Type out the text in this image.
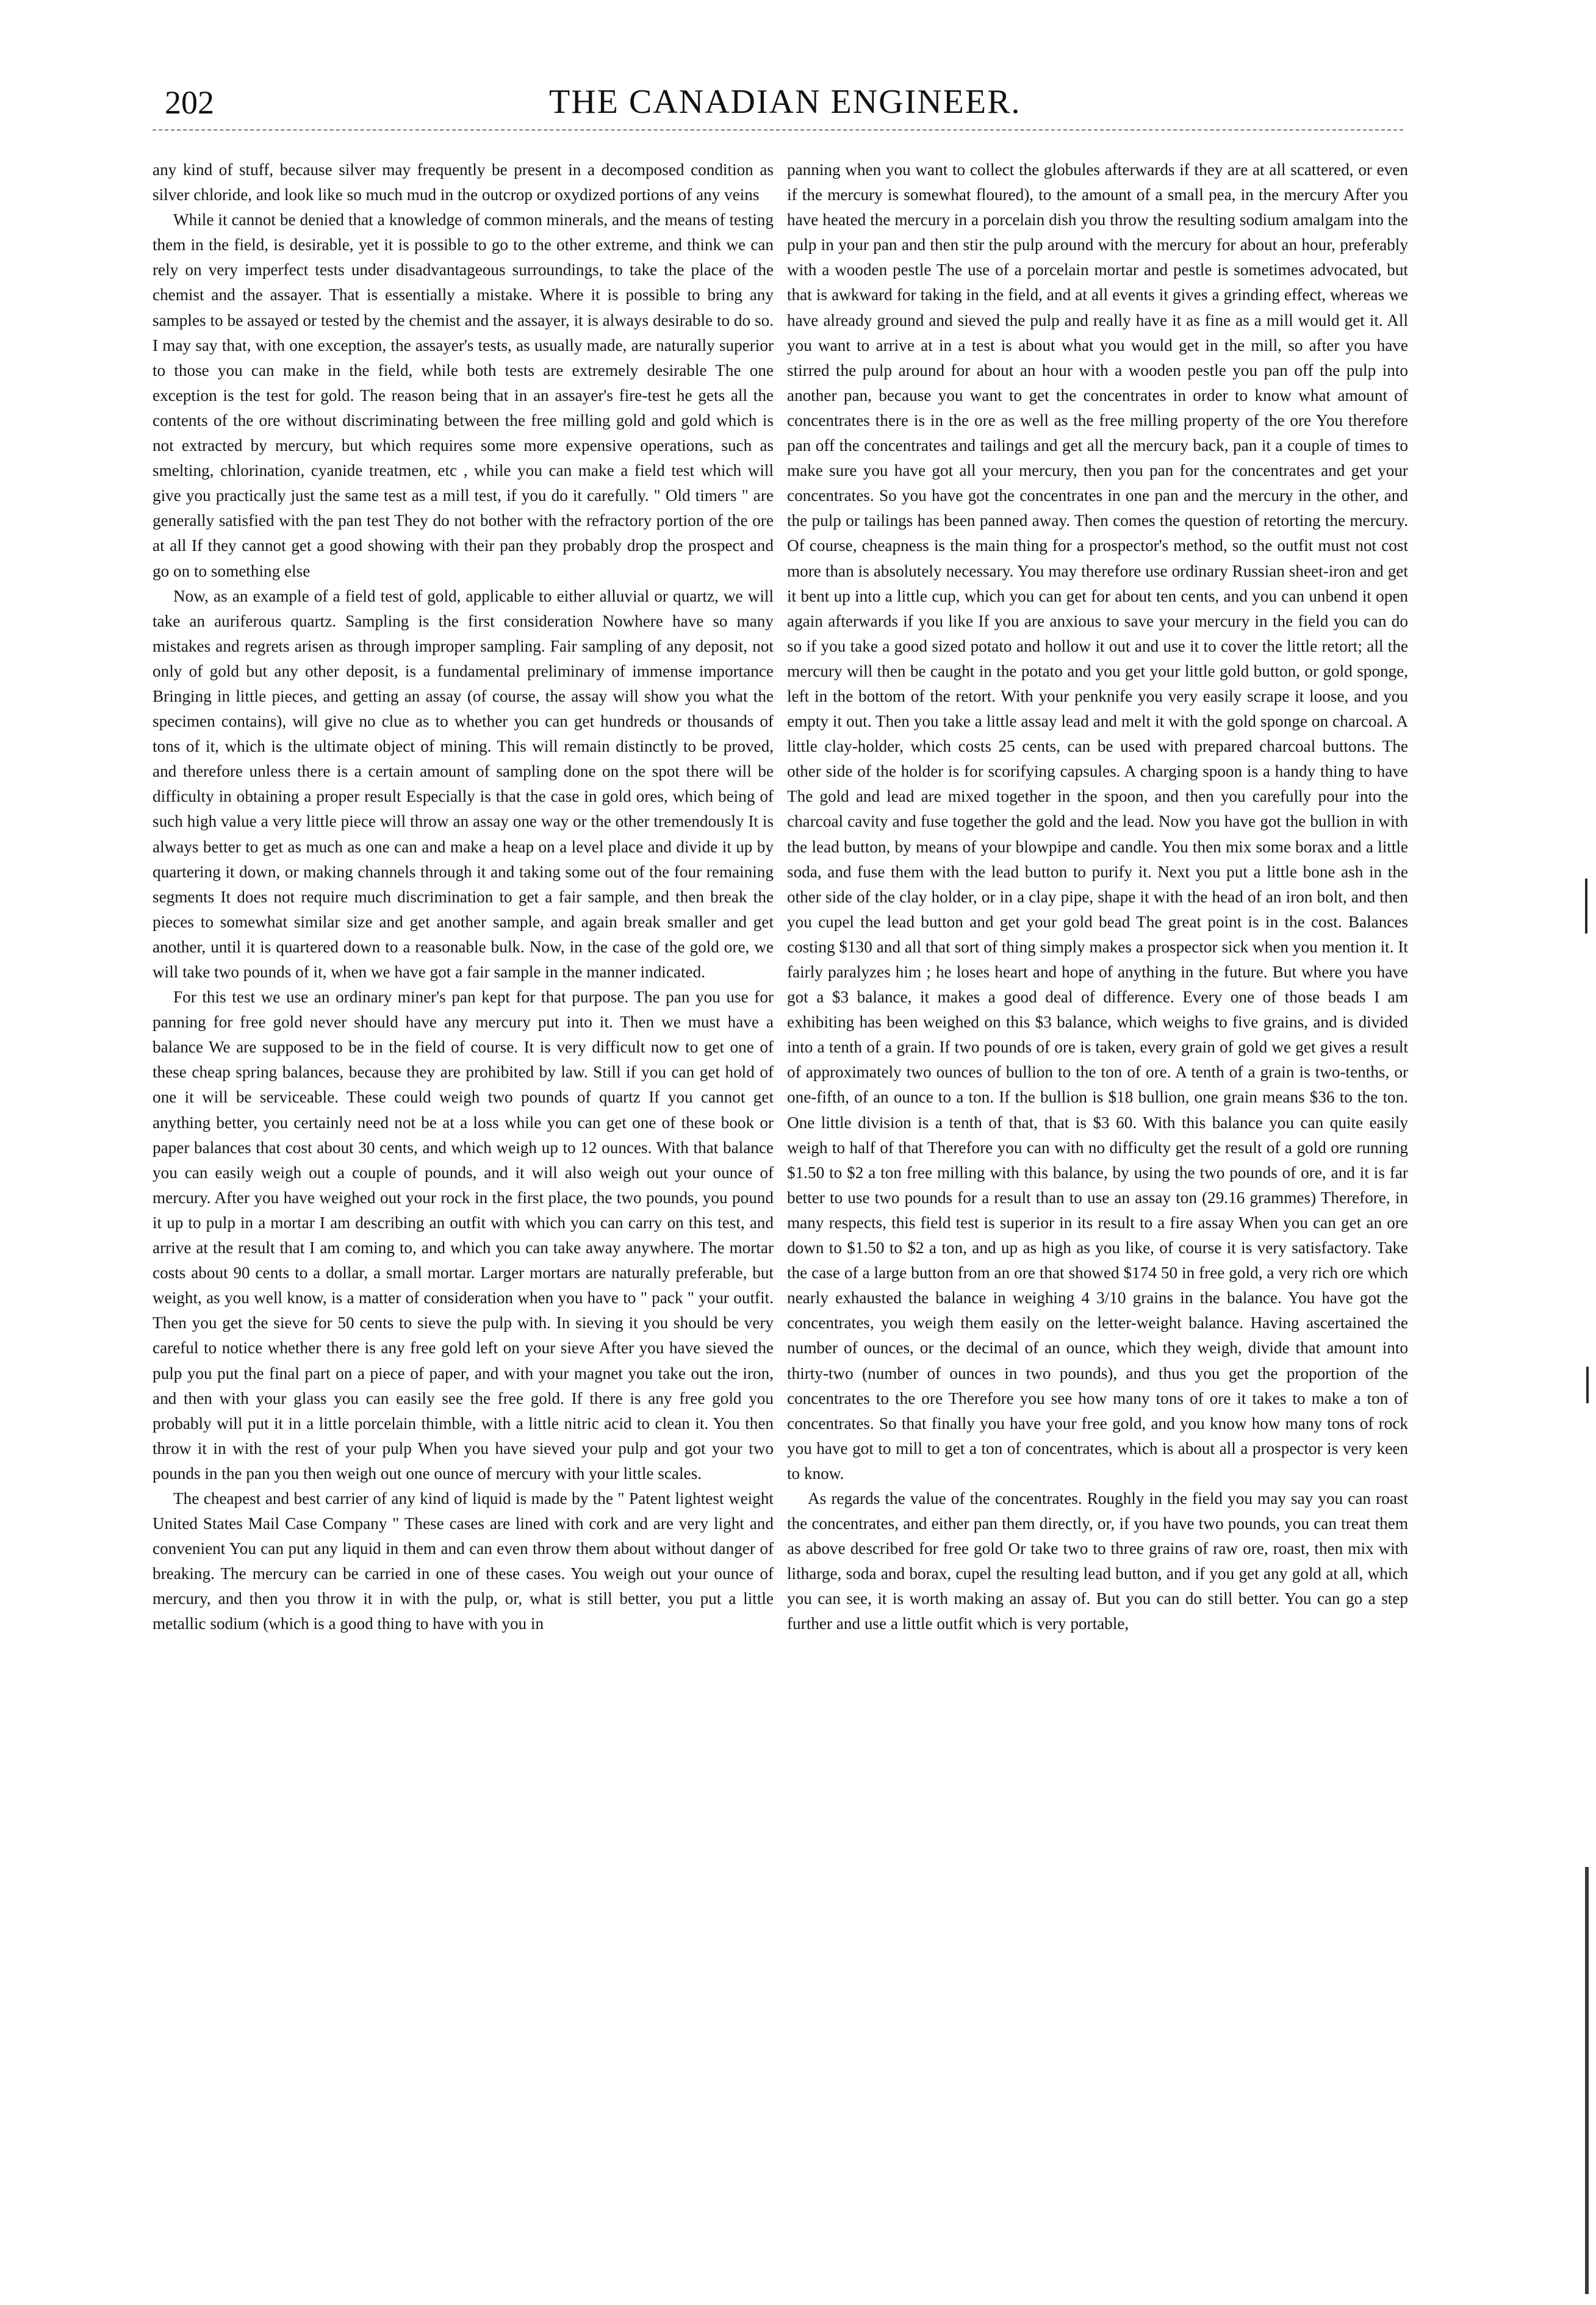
202	THE CANADIAN ENGINEER.

any kind of stuff, because silver may frequently be present in a decomposed condition as silver chloride, and look like so much mud in the outcrop or oxydized portions of any veins

While it cannot be denied that a knowledge of common minerals, and the means of testing them in the field, is desirable, yet it is possible to go to the other extreme, and think we can rely on very imperfect tests under disadvantageous surroundings, to take the place of the chemist and the assayer. That is essentially a mistake. Where it is possible to bring any samples to be assayed or tested by the chemist and the assayer, it is always desirable to do so. I may say that, with one exception, the assayer's tests, as usually made, are naturally superior to those you can make in the field, while both tests are extremely desirable The one exception is the test for gold. The reason being that in an assayer's fire-test he gets all the contents of the ore without discriminating between the free milling gold and gold which is not extracted by mercury, but which requires some more expensive operations, such as smelting, chlorination, cyanide treatmen, etc , while you can make a field test which will give you practically just the same test as a mill test, if you do it carefully. " Old timers " are generally satisfied with the pan test They do not bother with the refractory portion of the ore at all If they cannot get a good showing with their pan they probably drop the prospect and go on to something else

Now, as an example of a field test of gold, applicable to either alluvial or quartz, we will take an auriferous quartz. Sampling is the first consideration Nowhere have so many mistakes and regrets arisen as through improper sampling. Fair sampling of any deposit, not only of gold but any other deposit, is a fundamental preliminary of immense importance Bringing in little pieces, and getting an assay (of course, the assay will show you what the specimen contains), will give no clue as to whether you can get hundreds or thousands of tons of it, which is the ultimate object of mining. This will remain distinctly to be proved, and therefore unless there is a certain amount of sampling done on the spot there will be difficulty in obtaining a proper result Especially is that the case in gold ores, which being of such high value a very little piece will throw an assay one way or the other tremendously It is always better to get as much as one can and make a heap on a level place and divide it up by quartering it down, or making channels through it and taking some out of the four remaining segments It does not require much discrimination to get a fair sample, and then break the pieces to somewhat similar size and get another sample, and again break smaller and get another, until it is quartered down to a reasonable bulk. Now, in the case of the gold ore, we will take two pounds of it, when we have got a fair sample in the manner indicated.

For this test we use an ordinary miner's pan kept for that purpose. The pan you use for panning for free gold never should have any mercury put into it. Then we must have a balance We are supposed to be in the field of course. It is very difficult now to get one of these cheap spring balances, because they are prohibited by law. Still if you can get hold of one it will be serviceable. These could weigh two pounds of quartz If you cannot get anything better, you certainly need not be at a loss while you can get one of these book or paper balances that cost about 30 cents, and which weigh up to 12 ounces. With that balance you can easily weigh out a couple of pounds, and it will also weigh out your ounce of mercury. After you have weighed out your rock in the first place, the two pounds, you pound it up to pulp in a mortar I am describing an outfit with which you can carry on this test, and arrive at the result that I am coming to, and which you can take away anywhere. The mortar costs about 90 cents to a dollar, a small mortar. Larger mortars are naturally preferable, but weight, as you well know, is a matter of consideration when you have to " pack " your outfit. Then you get the sieve for 50 cents to sieve the pulp with. In sieving it you should be very careful to notice whether there is any free gold left on your sieve After you have sieved the pulp you put the final part on a piece of paper, and with your magnet you take out the iron, and then with your glass you can easily see the free gold. If there is any free gold you probably will put it in a little porcelain thimble, with a little nitric acid to clean it. You then throw it in with the rest of your pulp When you have sieved your pulp and got your two pounds in the pan you then weigh out one ounce of mercury with your little scales.

The cheapest and best carrier of any kind of liquid is made by the " Patent lightest weight United States Mail Case Company " These cases are lined with cork and are very light and convenient You can put any liquid in them and can even throw them about without danger of breaking. The mercury can be carried in one of these cases. You weigh out your ounce of mercury, and then you throw it in with the pulp, or, what is still better, you put a little metallic sodium (which is a good thing to have with you in

panning when you want to collect the globules afterwards if they are at all scattered, or even if the mercury is somewhat floured), to the amount of a small pea, in the mercury After you have heated the mercury in a porcelain dish you throw the resulting sodium amalgam into the pulp in your pan and then stir the pulp around with the mercury for about an hour, preferably with a wooden pestle The use of a porcelain mortar and pestle is sometimes advocated, but that is awkward for taking in the field, and at all events it gives a grinding effect, whereas we have already ground and sieved the pulp and really have it as fine as a mill would get it. All you want to arrive at in a test is about what you would get in the mill, so after you have stirred the pulp around for about an hour with a wooden pestle you pan off the pulp into another pan, because you want to get the concentrates in order to know what amount of concentrates there is in the ore as well as the free milling property of the ore You therefore pan off the concentrates and tailings and get all the mercury back, pan it a couple of times to make sure you have got all your mercury, then you pan for the concentrates and get your concentrates. So you have got the concentrates in one pan and the mercury in the other, and the pulp or tailings has been panned away. Then comes the question of retorting the mercury. Of course, cheapness is the main thing for a prospector's method, so the outfit must not cost more than is absolutely necessary. You may therefore use ordinary Russian sheet-iron and get it bent up into a little cup, which you can get for about ten cents, and you can unbend it open again afterwards if you like If you are anxious to save your mercury in the field you can do so if you take a good sized potato and hollow it out and use it to cover the little retort; all the mercury will then be caught in the potato and you get your little gold button, or gold sponge, left in the bottom of the retort. With your penknife you very easily scrape it loose, and you empty it out. Then you take a little assay lead and melt it with the gold sponge on charcoal. A little clay-holder, which costs 25 cents, can be used with prepared charcoal buttons. The other side of the holder is for scorifying capsules. A charging spoon is a handy thing to have The gold and lead are mixed together in the spoon, and then you carefully pour into the charcoal cavity and fuse together the gold and the lead. Now you have got the bullion in with the lead button, by means of your blowpipe and candle. You then mix some borax and a little soda, and fuse them with the lead button to purify it. Next you put a little bone ash in the other side of the clay holder, or in a clay pipe, shape it with the head of an iron bolt, and then you cupel the lead button and get your gold bead The great point is in the cost. Balances costing $130 and all that sort of thing simply makes a prospector sick when you mention it. It fairly paralyzes him ; he loses heart and hope of anything in the future. But where you have got a $3 balance, it makes a good deal of difference. Every one of those beads I am exhibiting has been weighed on this $3 balance, which weighs to five grains, and is divided into a tenth of a grain. If two pounds of ore is taken, every grain of gold we get gives a result of approximately two ounces of bullion to the ton of ore. A tenth of a grain is two-tenths, or one-fifth, of an ounce to a ton. If the bullion is $18 bullion, one grain means $36 to the ton. One little division is a tenth of that, that is $3 60. With this balance you can quite easily weigh to half of that Therefore you can with no difficulty get the result of a gold ore running $1.50 to $2 a ton free milling with this balance, by using the two pounds of ore, and it is far better to use two pounds for a result than to use an assay ton (29.16 grammes) Therefore, in many respects, this field test is superior in its result to a fire assay When you can get an ore down to $1.50 to $2 a ton, and up as high as you like, of course it is very satisfactory. Take the case of a large button from an ore that showed $174 50 in free gold, a very rich ore which nearly exhausted the balance in weighing 4 3/10 grains in the balance. You have got the concentrates, you weigh them easily on the letter-weight balance. Having ascertained the number of ounces, or the decimal of an ounce, which they weigh, divide that amount into thirty-two (number of ounces in two pounds), and thus you get the proportion of the concentrates to the ore Therefore you see how many tons of ore it takes to make a ton of concentrates. So that finally you have your free gold, and you know how many tons of rock you have got to mill to get a ton of concentrates, which is about all a prospector is very keen to know.

As regards the value of the concentrates. Roughly in the field you may say you can roast the concentrates, and either pan them directly, or, if you have two pounds, you can treat them as above described for free gold Or take two to three grains of raw ore, roast, then mix with litharge, soda and borax, cupel the resulting lead button, and if you get any gold at all, which you can see, it is worth making an assay of. But you can do still better. You can go a step further and use a little outfit which is very portable,
